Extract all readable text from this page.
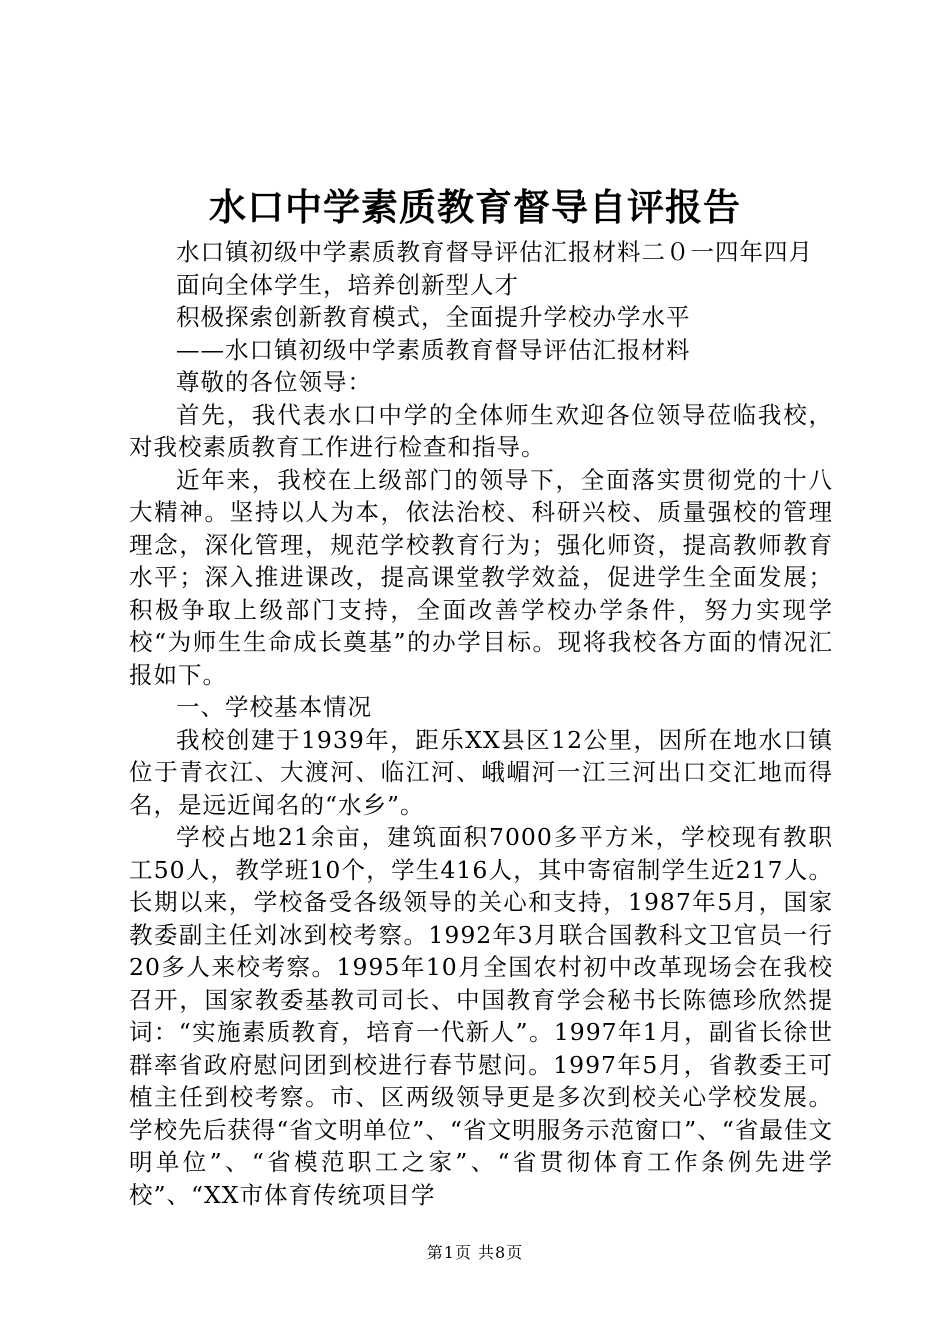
水口中学素质教育督导自评报告

水口镇初级中学素质教育督导评估汇报材料二０一四年四月

面向全体学生，培养创新型人才

积极探索创新教育模式，全面提升学校办学水平

——水口镇初级中学素质教育督导评估汇报材料

尊敬的各位领导：

首先，我代表水口中学的全体师生欢迎各位领导莅临我校，对我校素质教育工作进行检查和指导。

近年来，我校在上级部门的领导下，全面落实贯彻党的十八大精神。坚持以人为本，依法治校、科研兴校、质量强校的管理理念，深化管理，规范学校教育行为；强化师资，提高教师教育水平；深入推进课改，提高课堂教学效益，促进学生全面发展；积极争取上级部门支持，全面改善学校办学条件，努力实现学校“为师生生命成长奠基”的办学目标。现将我校各方面的情况汇报如下。

一、学校基本情况

我校创建于1939年，距乐XX县区12公里，因所在地水口镇位于青衣江、大渡河、临江河、峨嵋河一江三河出口交汇地而得名，是远近闻名的“水乡”。

学校占地21余亩，建筑面积7000多平方米，学校现有教职工50人，教学班10个，学生416人，其中寄宿制学生近217人。长期以来，学校备受各级领导的关心和支持，1987年5月，国家教委副主任刘冰到校考察。1992年3月联合国教科文卫官员一行20多人来校考察。1995年10月全国农村初中改革现场会在我校召开，国家教委基教司司长、中国教育学会秘书长陈德珍欣然提词：“实施素质教育，培育一代新人”。1997年1月，副省长徐世群率省政府慰问团到校进行春节慰问。1997年5月，省教委王可植主任到校考察。市、区两级领导更是多次到校关心学校发展。学校先后获得“省文明单位”、“省文明服务示范窗口”、“省最佳文明单位”、“省模范职工之家”、“省贯彻体育工作条例先进学校”、“XX市体育传统项目学

第1页 共8页
